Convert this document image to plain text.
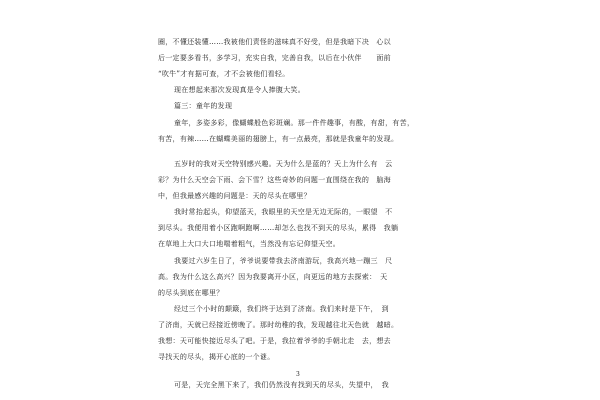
圈，不懂还装懂……我被他们责怪的滋味真不好受，但是我暗下决　心以

后一定要多看书，多学习，充实自我，完善自我，以后在小伙伴　　面前

“吹牛”才有据可查，才不会被他们看轻。

现在想起来那次发现真是令人捧腹大笑。

篇三：童年的发现

童年，多姿多彩，像蝴蝶般色彩斑斓。那一件件趣事，有酸，有甜，有苦，

有苦，有辣……在蝴蝶美丽的翅膀上，有一点最亮，那就是我童年的发现。

五岁时的我对天空特别感兴趣。天为什么是蓝的？天上为什么有　云

彩？为什么天空会下雨、会下雪？这些奇妙的问题一直围绕在我的　脑海

中，但我最感兴趣的问题是：天的尽头在哪里？

我时常抬起头，仰望蓝天，我眼里的天空是无边无际的，一眼望　不

到尽头。我便用着小区跑啊跑啊……却怎么也找不到天的尽头，累得　我躺

在草地上大口大口地喘着粗气，当然没有忘记仰望天空。

我要过六岁生日了，爷爷说要带我去济南游玩，我高兴地一蹦三　尺

高。我为什么这么高兴？因为我要离开小区，向更远的地方去探索：　天

的尽头到底在哪里？

经过三个小时的颠簸，我们终于达到了济南。我们来时是下午，　到

了济南，天就已经接近傍晚了。那时幼稚的我，发现越往北天色就　越暗。

我想：天可能快接近尽头了吧。于是，我拉着爷爷的手朝北走　去，想去

寻找天的尽头，揭开心底的一个谜。

可是，天完全黑下来了，我们仍然没有找到天的尽头，失望中，　我

3
